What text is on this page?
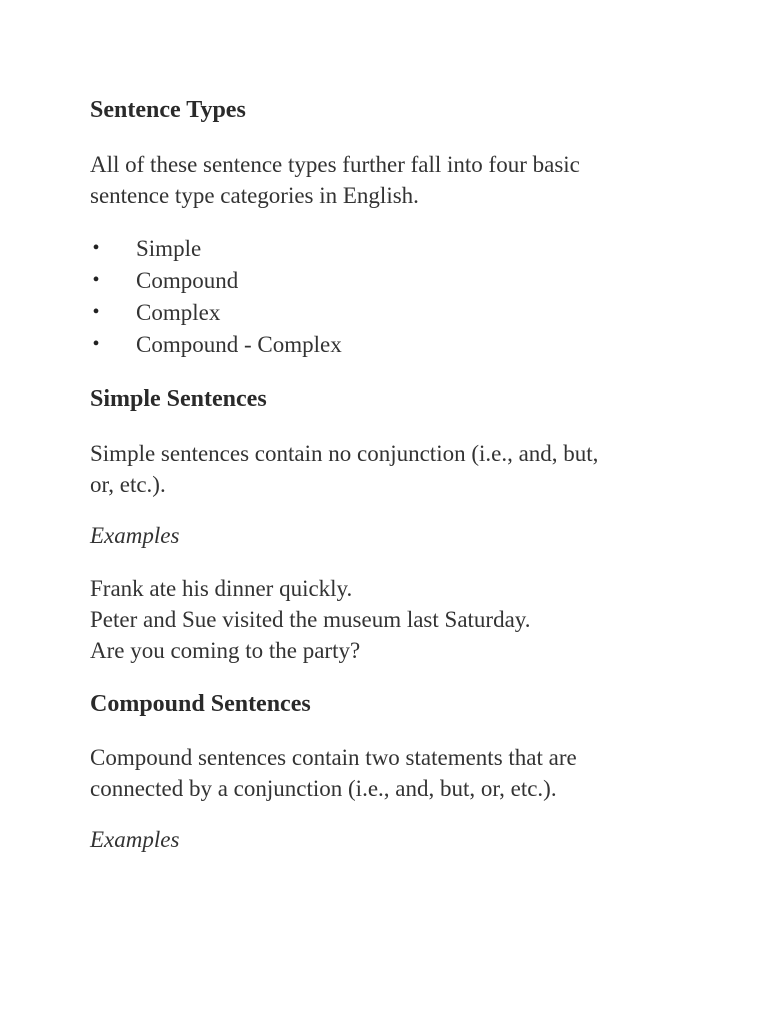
Sentence Types
All of these sentence types further fall into four basic
sentence type categories in English.
• Simple
• Compound
• Complex
• Compound - Complex
Simple Sentences
Simple sentences contain no conjunction (i.e., and, but,
or, etc.).
Examples
Frank ate his dinner quickly.
Peter and Sue visited the museum last Saturday.
Are you coming to the party?
Compound Sentences
Compound sentences contain two statements that are
connected by a conjunction (i.e., and, but, or, etc.).
Examples
